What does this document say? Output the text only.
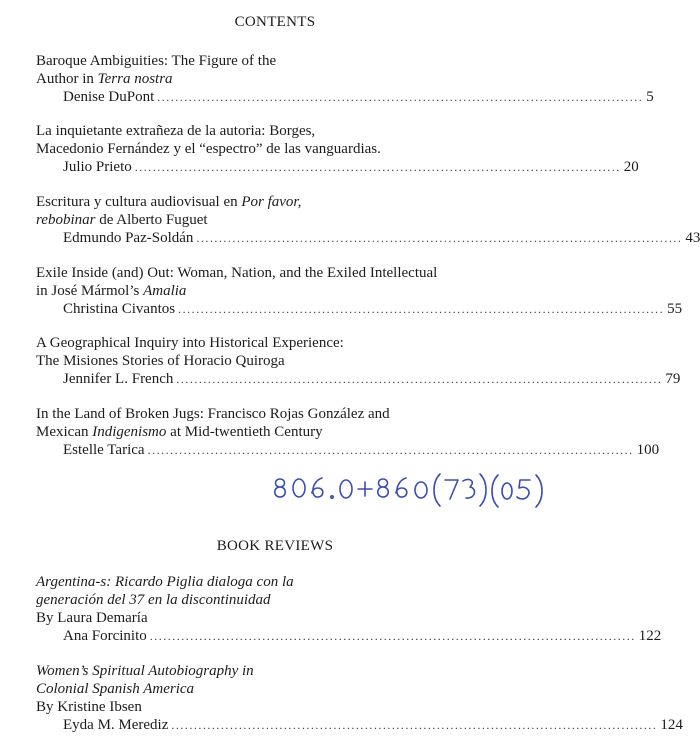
CONTENTS
Baroque Ambiguities: The Figure of the
Author in Terra nostra
Denise DuPont ............................................................................................................ 5
La inquietante extrañeza de la autoria: Borges,
Macedonio Fernández y el “espectro” de las vanguardias.
Julio Prieto ............................................................................................................ 20
Escritura y cultura audiovisual en Por favor,
rebobinar de Alberto Fuguet
Edmundo Paz-Soldán ............................................................................................................ 43
Exile Inside (and) Out: Woman, Nation, and the Exiled Intellectual
in José Mármol’s Amalia
Christina Civantos ............................................................................................................ 55
A Geographical Inquiry into Historical Experience:
The Misiones Stories of Horacio Quiroga
Jennifer L. French ............................................................................................................ 79
In the Land of Broken Jugs: Francisco Rojas González and
Mexican Indigenismo at Mid-twentieth Century
Estelle Tarica ............................................................................................................ 100
BOOK REVIEWS
Argentina-s: Ricardo Piglia dialoga con la
generación del 37 en la discontinuidad
By Laura Demaría
Ana Forcinito ............................................................................................................ 122
Women’s Spiritual Autobiography in
Colonial Spanish America
By Kristine Ibsen
Eyda M. Merediz ............................................................................................................ 124
